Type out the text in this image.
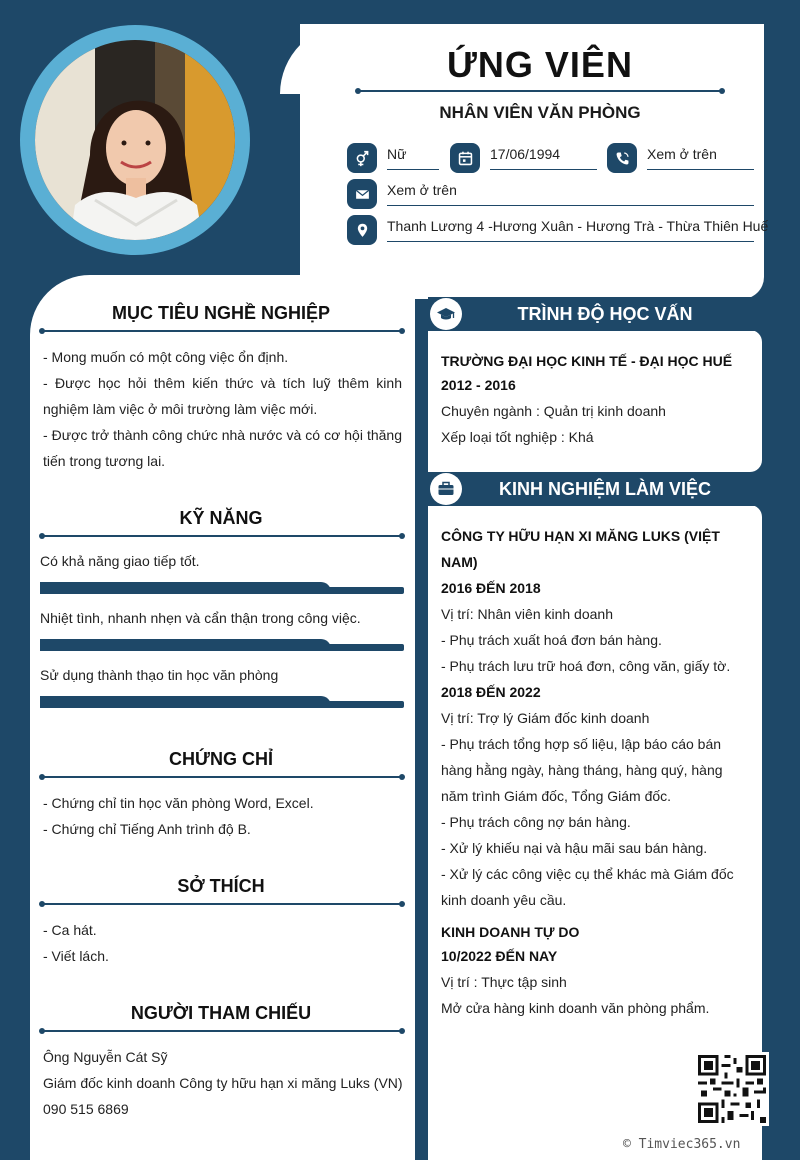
ỨNG VIÊN
NHÂN VIÊN VĂN PHÒNG
Nữ	17/06/1994	Xem ở trên
Xem ở trên
Thanh Lương 4 -Hương Xuân - Hương Trà - Thừa Thiên Huế
MỤC TIÊU NGHỀ NGHIỆP
- Mong muốn có một công việc ổn định.
- Được học hỏi thêm kiến thức và tích luỹ thêm kinh nghiệm làm việc ở môi trường làm việc mới.
- Được trở thành công chức nhà nước và có cơ hội thăng tiến trong tương lai.
KỸ NĂNG
Có khả năng giao tiếp tốt.
Nhiệt tình, nhanh nhẹn và cẩn thận trong công việc.
Sử dụng thành thạo tin học văn phòng
CHỨNG CHỈ
- Chứng chỉ tin học văn phòng Word, Excel.
- Chứng chỉ Tiếng Anh trình độ B.
SỞ THÍCH
- Ca hát.
- Viết lách.
NGƯỜI THAM CHIẾU
Ông Nguyễn Cát Sỹ
Giám đốc kinh doanh Công ty hữu hạn xi măng Luks (VN)
090 515 6869
TRÌNH ĐỘ HỌC VẤN
TRƯỜNG ĐẠI HỌC KINH TẾ - ĐẠI HỌC HUẾ
2012 - 2016
Chuyên ngành : Quản trị kinh doanh
Xếp loại tốt nghiệp : Khá
KINH NGHIỆM LÀM VIỆC
CÔNG TY HỮU HẠN XI MĂNG LUKS (VIỆT NAM)
2016 ĐẾN 2018
Vị trí: Nhân viên kinh doanh
- Phụ trách xuất hoá đơn bán hàng.
- Phụ trách lưu trữ hoá đơn, công văn, giấy tờ.
2018 ĐẾN 2022
Vị trí: Trợ lý Giám đốc kinh doanh
- Phụ trách tổng hợp số liệu, lập báo cáo bán hàng hằng ngày, hàng tháng, hàng quý, hàng năm trình Giám đốc, Tổng Giám đốc.
- Phụ trách công nợ bán hàng.
- Xử lý khiếu nại và hậu mãi sau bán hàng.
- Xử lý các công việc cụ thể khác mà Giám đốc kinh doanh yêu cầu.
KINH DOANH TỰ DO
10/2022 ĐẾN NAY
Vị trí : Thực tập sinh
Mở cửa hàng kinh doanh văn phòng phẩm.
© Timviec365.vn
